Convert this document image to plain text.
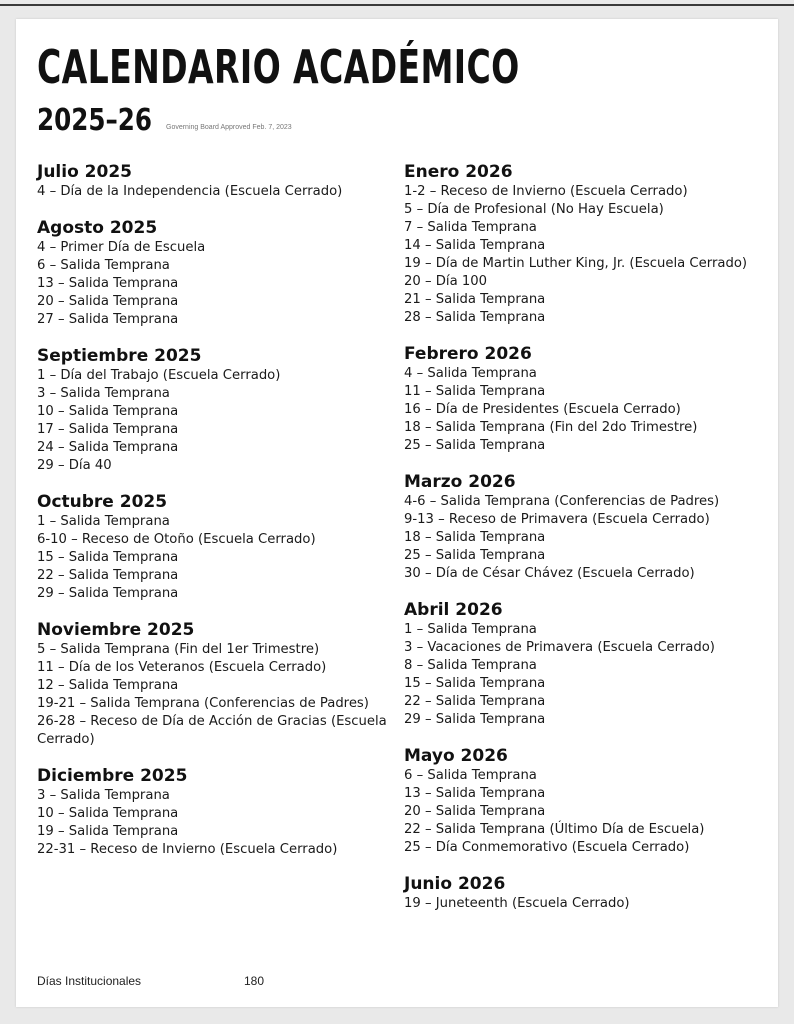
CALENDARIO ACADÉMICO
2025–26 Governing Board Approved Feb. 7, 2023
Julio 2025
4 – Día de la Independencia (Escuela Cerrado)
Agosto 2025
4 – Primer Día de Escuela
6 – Salida Temprana
13 – Salida Temprana
20 – Salida Temprana
27 – Salida Temprana
Septiembre 2025
1 – Día del Trabajo (Escuela Cerrado)
3 – Salida Temprana
10 – Salida Temprana
17 – Salida Temprana
24 – Salida Temprana
29 – Día 40
Octubre 2025
1 – Salida Temprana
6-10 – Receso de Otoño (Escuela Cerrado)
15 – Salida Temprana
22 – Salida Temprana
29 – Salida Temprana
Noviembre 2025
5 – Salida Temprana (Fin del 1er Trimestre)
11 – Día de los Veteranos (Escuela Cerrado)
12 – Salida Temprana
19-21 – Salida Temprana (Conferencias de Padres)
26-28 – Receso de Día de Acción de Gracias (Escuela Cerrado)
Diciembre 2025
3 – Salida Temprana
10 – Salida Temprana
19 – Salida Temprana
22-31 – Receso de Invierno (Escuela Cerrado)
Enero 2026
1-2 – Receso de Invierno (Escuela Cerrado)
5 – Día de Profesional (No Hay Escuela)
7 – Salida Temprana
14 – Salida Temprana
19 – Día de Martin Luther King, Jr. (Escuela Cerrado)
20 – Día 100
21 – Salida Temprana
28 – Salida Temprana
Febrero 2026
4 – Salida Temprana
11 – Salida Temprana
16 – Día de Presidentes (Escuela Cerrado)
18 – Salida Temprana (Fin del 2do Trimestre)
25 – Salida Temprana
Marzo 2026
4-6 – Salida Temprana (Conferencias de Padres)
9-13 – Receso de Primavera (Escuela Cerrado)
18 – Salida Temprana
25 – Salida Temprana
30 – Día de César Chávez (Escuela Cerrado)
Abril 2026
1 – Salida Temprana
3 – Vacaciones de Primavera (Escuela Cerrado)
8 – Salida Temprana
15 – Salida Temprana
22 – Salida Temprana
29 – Salida Temprana
Mayo 2026
6 – Salida Temprana
13 – Salida Temprana
20 – Salida Temprana
22 – Salida Temprana (Último Día de Escuela)
25 – Día Conmemorativo (Escuela Cerrado)
Junio 2026
19 – Juneteenth (Escuela Cerrado)
Días Institucionales	180
